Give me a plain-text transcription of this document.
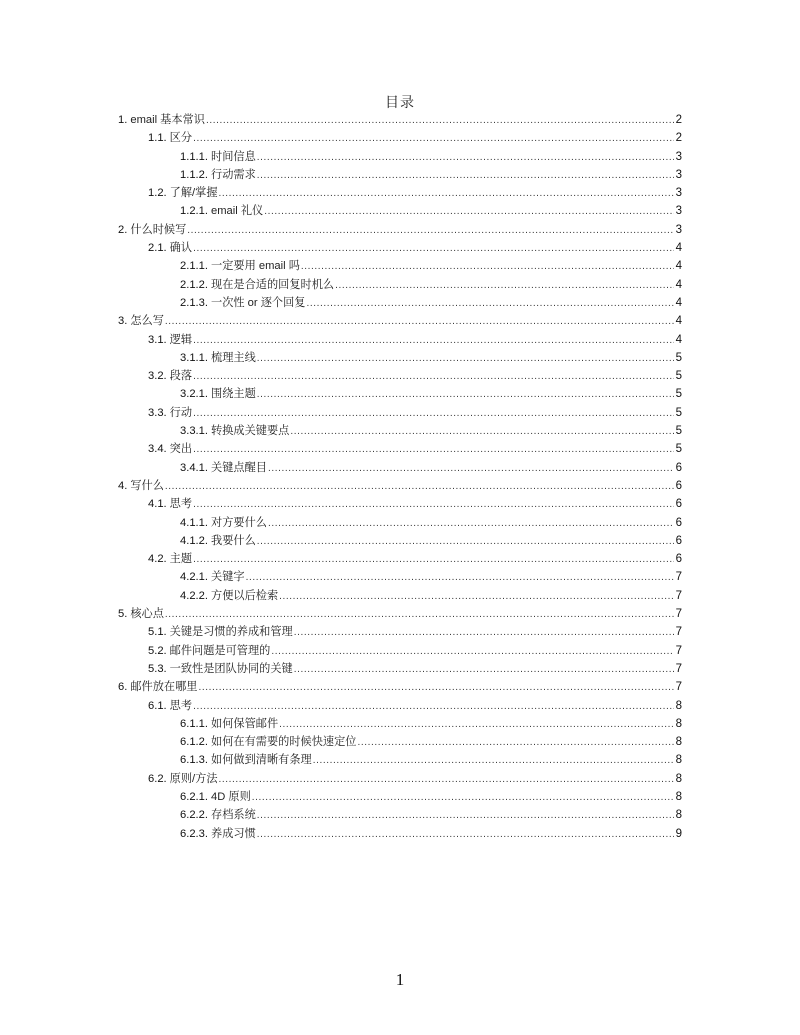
目录
1. email 基本常识 .....	2
1.1. 区分 .....	2
1.1.1. 时间信息 .....	3
1.1.2. 行动需求 .....	3
1.2. 了解/掌握 .....	3
1.2.1. email 礼仪 .....	3
2. 什么时候写 .....	3
2.1. 确认 .....	4
2.1.1. 一定要用 email 吗 .....	4
2.1.2. 现在是合适的回复时机么 .....	4
2.1.3. 一次性 or 逐个回复 .....	4
3. 怎么写 .....	4
3.1. 逻辑 .....	4
3.1.1. 梳理主线 .....	5
3.2. 段落 .....	5
3.2.1. 围绕主题 .....	5
3.3. 行动 .....	5
3.3.1. 转换成关键要点 .....	5
3.4. 突出 .....	5
3.4.1. 关键点醒目 .....	6
4. 写什么 .....	6
4.1. 思考 .....	6
4.1.1. 对方要什么 .....	6
4.1.2. 我要什么 .....	6
4.2. 主题 .....	6
4.2.1. 关键字 .....	7
4.2.2. 方便以后检索 .....	7
5. 核心点 .....	7
5.1. 关键是习惯的养成和管理 .....	7
5.2. 邮件问题是可管理的 .....	7
5.3. 一致性是团队协同的关键 .....	7
6. 邮件放在哪里 .....	7
6.1. 思考 .....	8
6.1.1. 如何保管邮件 .....	8
6.1.2. 如何在有需要的时候快速定位 .....	8
6.1.3. 如何做到清晰有条理 .....	8
6.2. 原则/方法 .....	8
6.2.1. 4D 原则 .....	8
6.2.2. 存档系统 .....	8
6.2.3. 养成习惯 .....	9
1
